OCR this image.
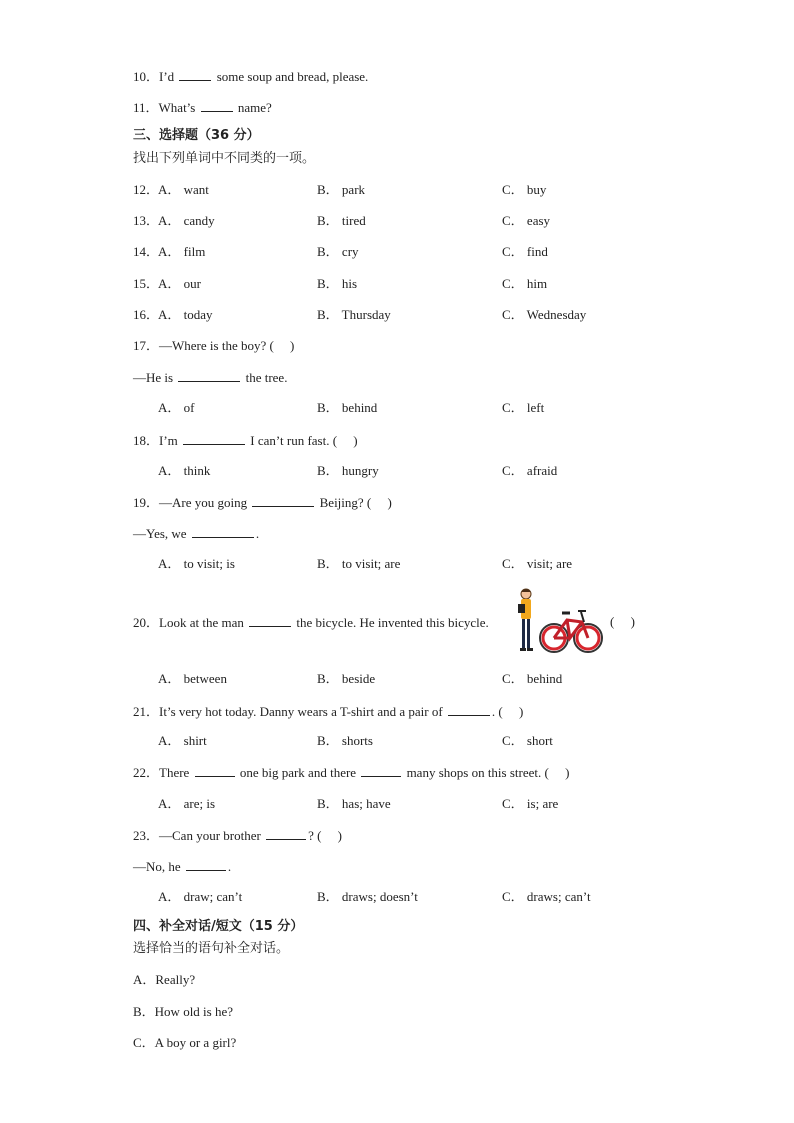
10．I’d	some soup and bread, please.
11．What’s	name?
三、选择题（36 分）
找出下列单词中不同类的一项。
12．
A． want	B． park	C． buy
13．
A． candy	B． tired	C． easy
14．
A． film	B． cry	C． find
15．
A． our	B． his	C． him
16．
A． today	B． Thursday	C． Wednesday
17．—Where is the boy? (　 )
—He is	the tree.
A． of	B． behind	C． left
18．I’m	I can’t run fast. (　 )
A． think	B． hungry	C． afraid
19．—Are you going	Beijing? (　 )
—Yes, we	.
A． to visit; is	B． to visit; are	C． visit; are
20．Look at the man	the bicycle. He invented this bicycle.	(　 )
A． between	B． beside	C． behind
21．It’s very hot today. Danny wears a T-shirt and a pair of	. (　 )
A． shirt	B． shorts	C． short
22．There	one big park and there	many shops on this street. (　 )
A． are; is	B． has; have	C． is; are
23．—Can your brother	? (　 )
—No, he	.
A． draw; can’t	B． draws; doesn’t	C． draws; can’t
四、补全对话/短文（15 分）
选择恰当的语句补全对话。
A．Really?
B．How old is he?
C．A boy or a girl?
